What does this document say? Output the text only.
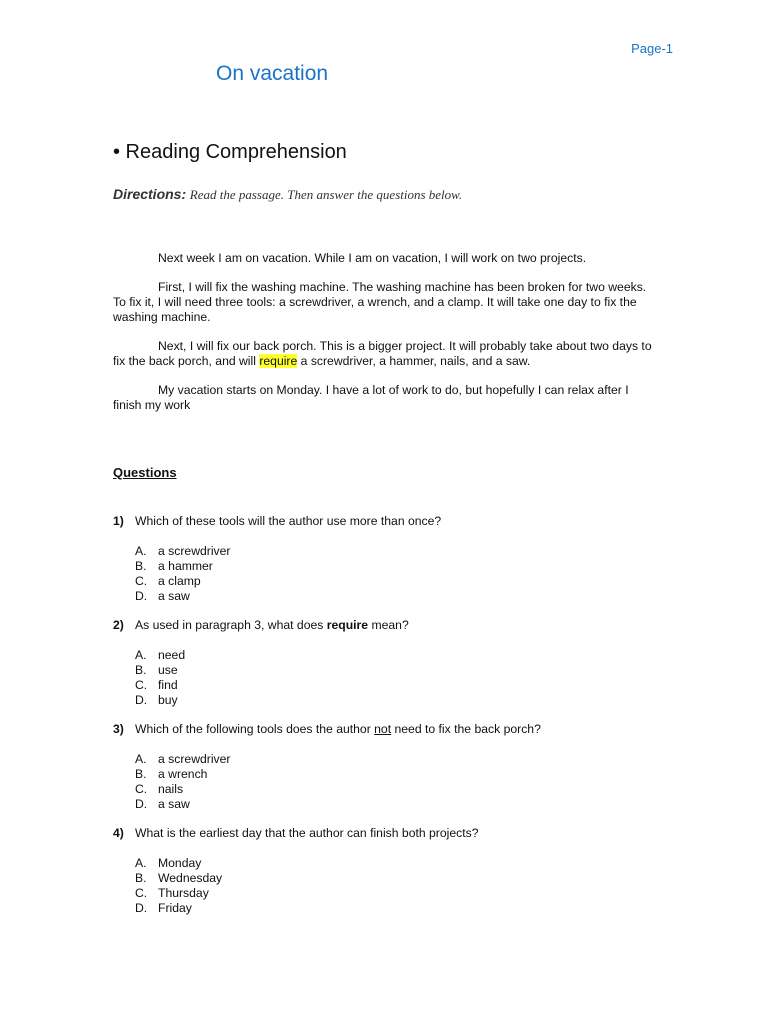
Page-1
On vacation
• Reading Comprehension
Directions: Read the passage. Then answer the questions below.

Next week I am on vacation. While I am on vacation, I will work on two projects.

First, I will fix the washing machine. The washing machine has been broken for two weeks. To fix it, I will need three tools: a screwdriver, a wrench, and a clamp. It will take one day to fix the washing machine.

Next, I will fix our back porch. This is a bigger project. It will probably take about two days to fix the back porch, and will require a screwdriver, a hammer, nails, and a saw.

My vacation starts on Monday. I have a lot of work to do, but hopefully I can relax after I finish my work

Questions
1) Which of these tools will the author use more than once?
A. a screwdriver
B. a hammer
C. a clamp
D. a saw
2) As used in paragraph 3, what does require mean?
A. need
B. use
C. find
D. buy
3) Which of the following tools does the author not need to fix the back porch?
A. a screwdriver
B. a wrench
C. nails
D. a saw
4) What is the earliest day that the author can finish both projects?
A. Monday
B. Wednesday
C. Thursday
D. Friday
